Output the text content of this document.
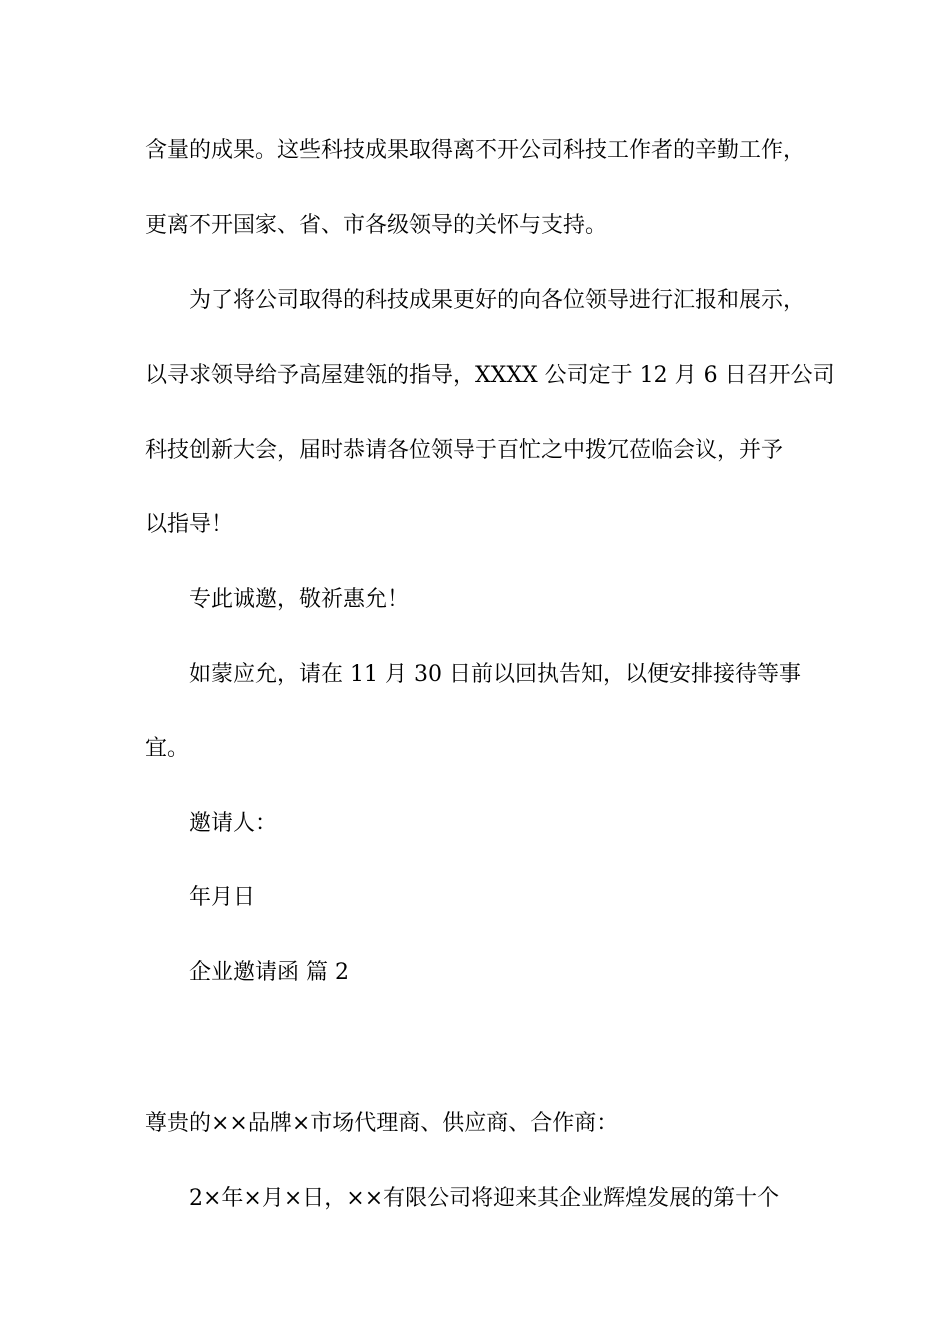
含量的成果。这些科技成果取得离不开公司科技工作者的辛勤工作，
更离不开国家、省、市各级领导的关怀与支持。
为了将公司取得的科技成果更好的向各位领导进行汇报和展示，
以寻求领导给予高屋建瓴的指导，XXXX 公司定于 12 月 6 日召开公司
科技创新大会，届时恭请各位领导于百忙之中拨冗莅临会议，并予
以指导！
专此诚邀，敬祈惠允！
如蒙应允，请在 11 月 30 日前以回执告知，以便安排接待等事
宜。
邀请人：
年月日
企业邀请函 篇 2
尊贵的××品牌×市场代理商、供应商、合作商：
2×年×月×日，××有限公司将迎来其企业辉煌发展的第十个
